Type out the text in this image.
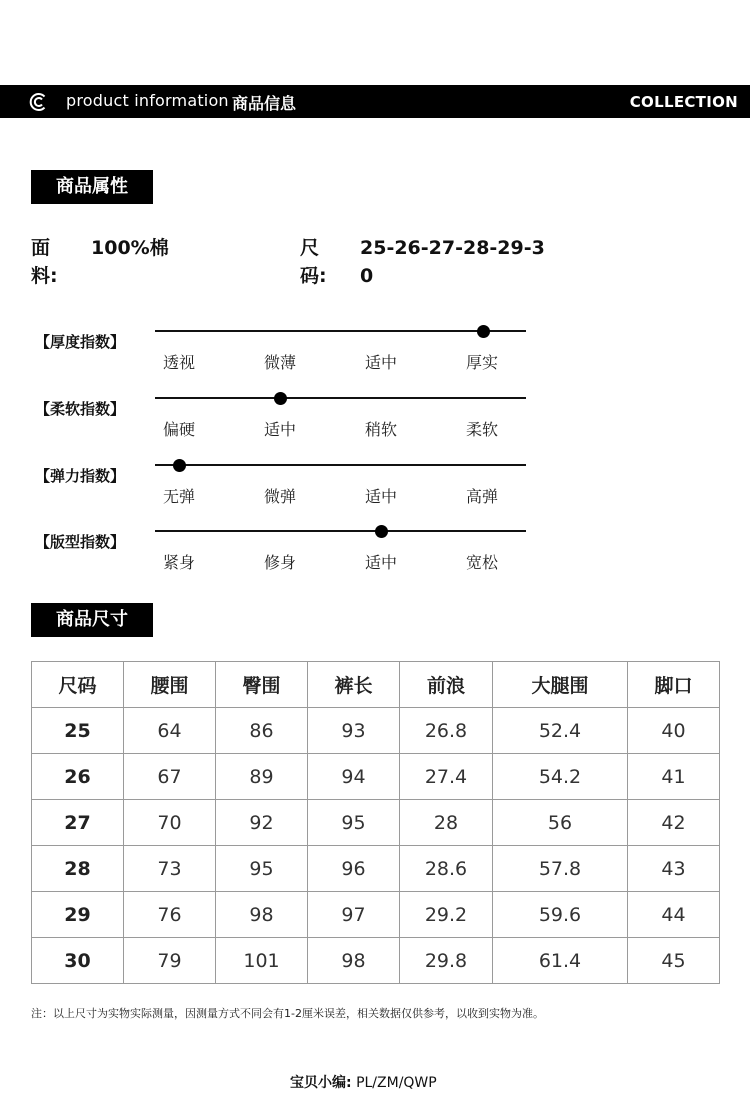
product information 商品信息	COLLECTION
商品属性
面料:
100%棉	尺码:
25-26-27-28-29-30
【厚度指数】
透视	微薄	适中	厚实
【柔软指数】
偏硬	适中	稍软	柔软
【弹力指数】
无弹	微弹	适中	高弹
【版型指数】
紧身	修身	适中	宽松
商品尺寸
尺码	腰围	臀围	裤长	前浪	大腿围	脚口
25	64	86	93	26.8	52.4	40
26	67	89	94	27.4	54.2	41
27	70	92	95	28	56	42
28	73	95	96	28.6	57.8	43
29	76	98	97	29.2	59.6	44
30	79	101	98	29.8	61.4	45
注：以上尺寸为实物实际测量，因测量方式不同会有1-2厘米误差，相关数据仅供参考，以收到实物为准。
宝贝小编: PL/ZM/QWP
